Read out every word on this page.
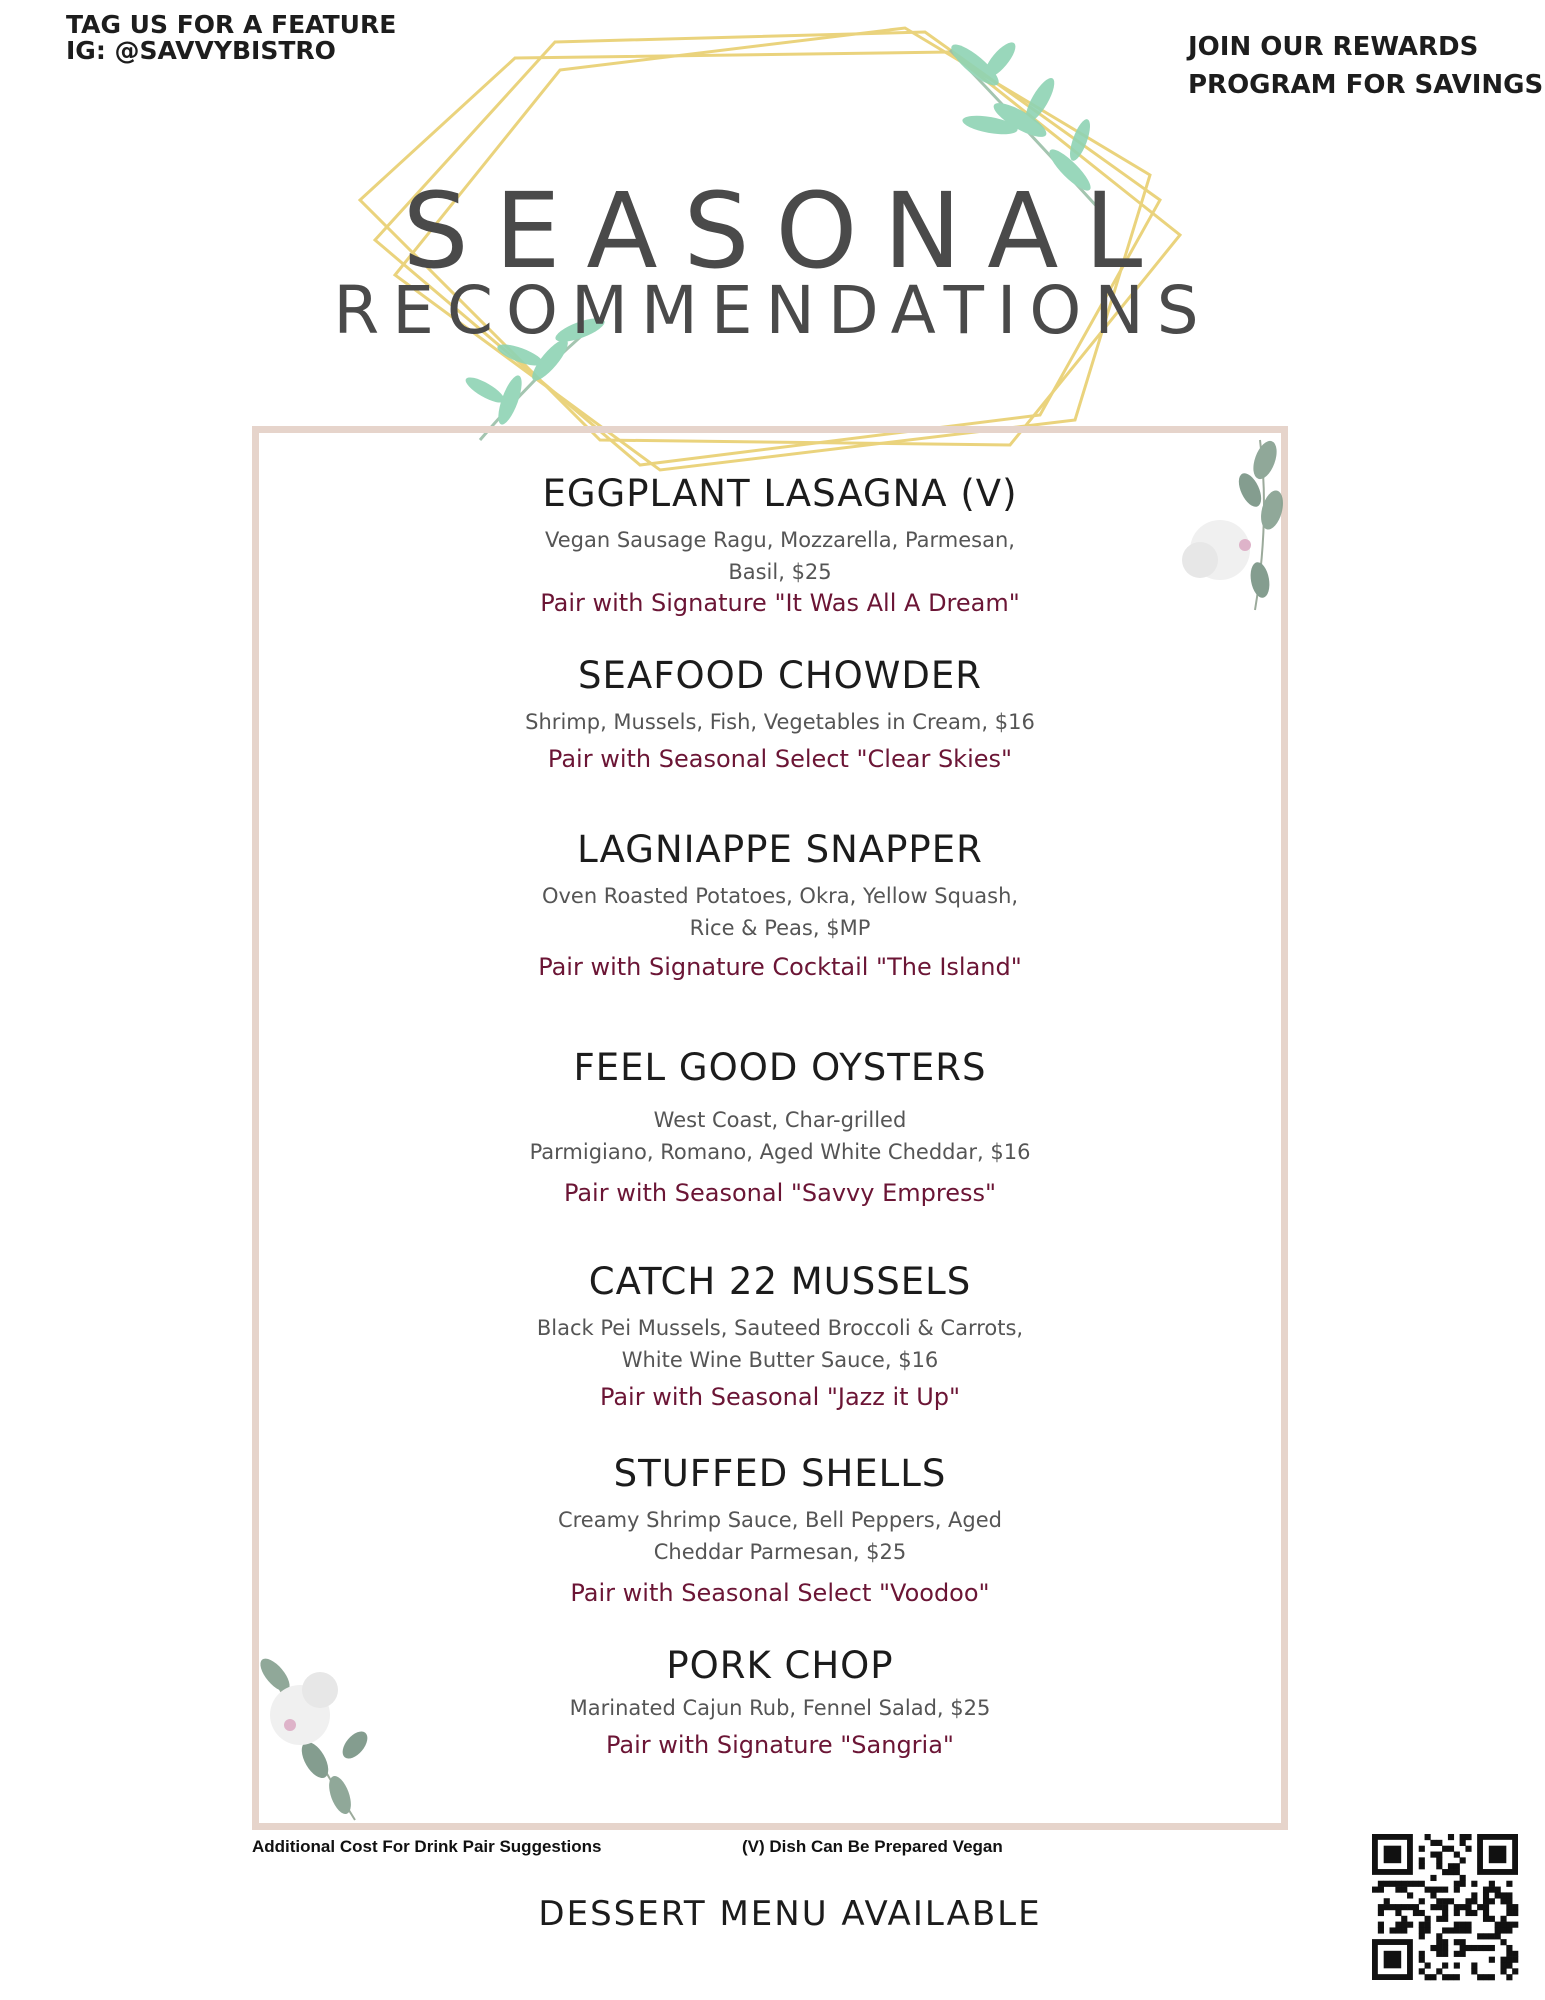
TAG US FOR A FEATURE
IG: @SAVVYBISTRO	JOIN OUR REWARDS
PROGRAM FOR SAVINGS
SEASONAL
RECOMMENDATIONS
EGGPLANT LASAGNA (V)
Vegan Sausage Ragu, Mozzarella, Parmesan,
Basil, $25
Pair with Signature "It Was All A Dream"
SEAFOOD CHOWDER
Shrimp, Mussels, Fish, Vegetables in Cream, $16
Pair with Seasonal Select "Clear Skies"
LAGNIAPPE SNAPPER
Oven Roasted Potatoes, Okra, Yellow Squash,
Rice & Peas, $MP
Pair with Signature Cocktail "The Island"
FEEL GOOD OYSTERS
West Coast, Char-grilled
Parmigiano, Romano, Aged White Cheddar, $16
Pair with Seasonal "Savvy Empress"
CATCH 22 MUSSELS
Black Pei Mussels, Sauteed Broccoli & Carrots,
White Wine Butter Sauce, $16
Pair with Seasonal "Jazz it Up"
STUFFED SHELLS
Creamy Shrimp Sauce, Bell Peppers, Aged
Cheddar Parmesan, $25
Pair with Seasonal Select "Voodoo"
PORK CHOP
Marinated Cajun Rub, Fennel Salad, $25
Pair with Signature "Sangria"
Additional Cost For Drink Pair Suggestions	(V) Dish Can Be Prepared Vegan
DESSERT MENU AVAILABLE
